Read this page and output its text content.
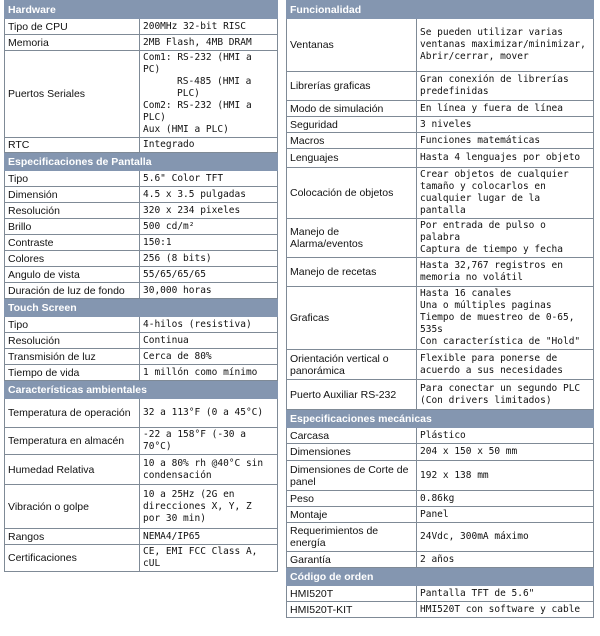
Hardware	
Tipo de CPU	200MHz 32-bit RISC

Memoria	2MB Flash, 4MB DRAM

Puertos Seriales	Com1: RS-232 (HMI a PC)
RS-485 (HMI a PLC)
Com2: RS-232 (HMI a PLC)
Aux (HMI a PLC)

RTC	Integrado

Especificaciones de Pantalla	
Tipo	5.6" Color TFT

Dimensión	4.5 x 3.5 pulgadas

Resolución	320 x 234 pixeles

Brillo	500 cd/m²

Contraste	150:1

Colores	256 (8 bits)

Angulo de vista	55/65/65/65

Duración de luz de fondo	30,000 horas

Touch Screen	
Tipo	4-hilos (resistiva)

Resolución	Continua

Transmisión de luz	Cerca de 80%

Tiempo de vida	1 millón como mínimo

Características ambientales	
Temperatura de operación	32 a 113°F (0 a 45°C)

Temperatura en almacén	-22 a 158°F (-30 a 70°C)

Humedad Relativa	10 a 80% rh @40°C sin condensación

Vibración o golpe	10 a 25Hz (2G en direcciones X, Y, Z por 30 min)

Rangos	NEMA4/IP65

Certificaciones	CE, EMI FCC Class A, cUL
Funcionalidad	
Ventanas	Se pueden utilizar varias ventanas maximizar/minimizar, Abrir/cerrar, mover

Librerías graficas	Gran conexión de librerías predefinidas

Modo de simulación	En línea y fuera de línea

Seguridad	3 niveles

Macros	Funciones matemáticas

Lenguajes	Hasta 4 lenguajes por objeto

Colocación de objetos	Crear objetos de cualquier tamaño y colocarlos en cualquier lugar de la pantalla

Manejo de Alarma/eventos	Por entrada de pulso o palabra
Captura de tiempo y fecha

Manejo de recetas	Hasta 32,767 registros en memoria no volátil

Graficas	Hasta 16 canales
Una o múltiples paginas
Tiempo de muestreo de 0-65, 535s
Con característica de "Hold"

Orientación vertical o panorámica	Flexible para ponerse de acuerdo a sus necesidades

Puerto Auxiliar RS-232	Para conectar un segundo PLC (Con drivers limitados)

Especificaciones mecánicas	
Carcasa	Plástico

Dimensiones	204 x 150 x 50 mm

Dimensiones de Corte de panel	192 x 138 mm

Peso	0.86kg

Montaje	Panel

Requerimientos de energía	24Vdc, 300mA máximo

Garantía	2 años

Código de orden	
HMI520T	Pantalla TFT de 5.6"

HMI520T-KIT	HMI520T con software y cable
